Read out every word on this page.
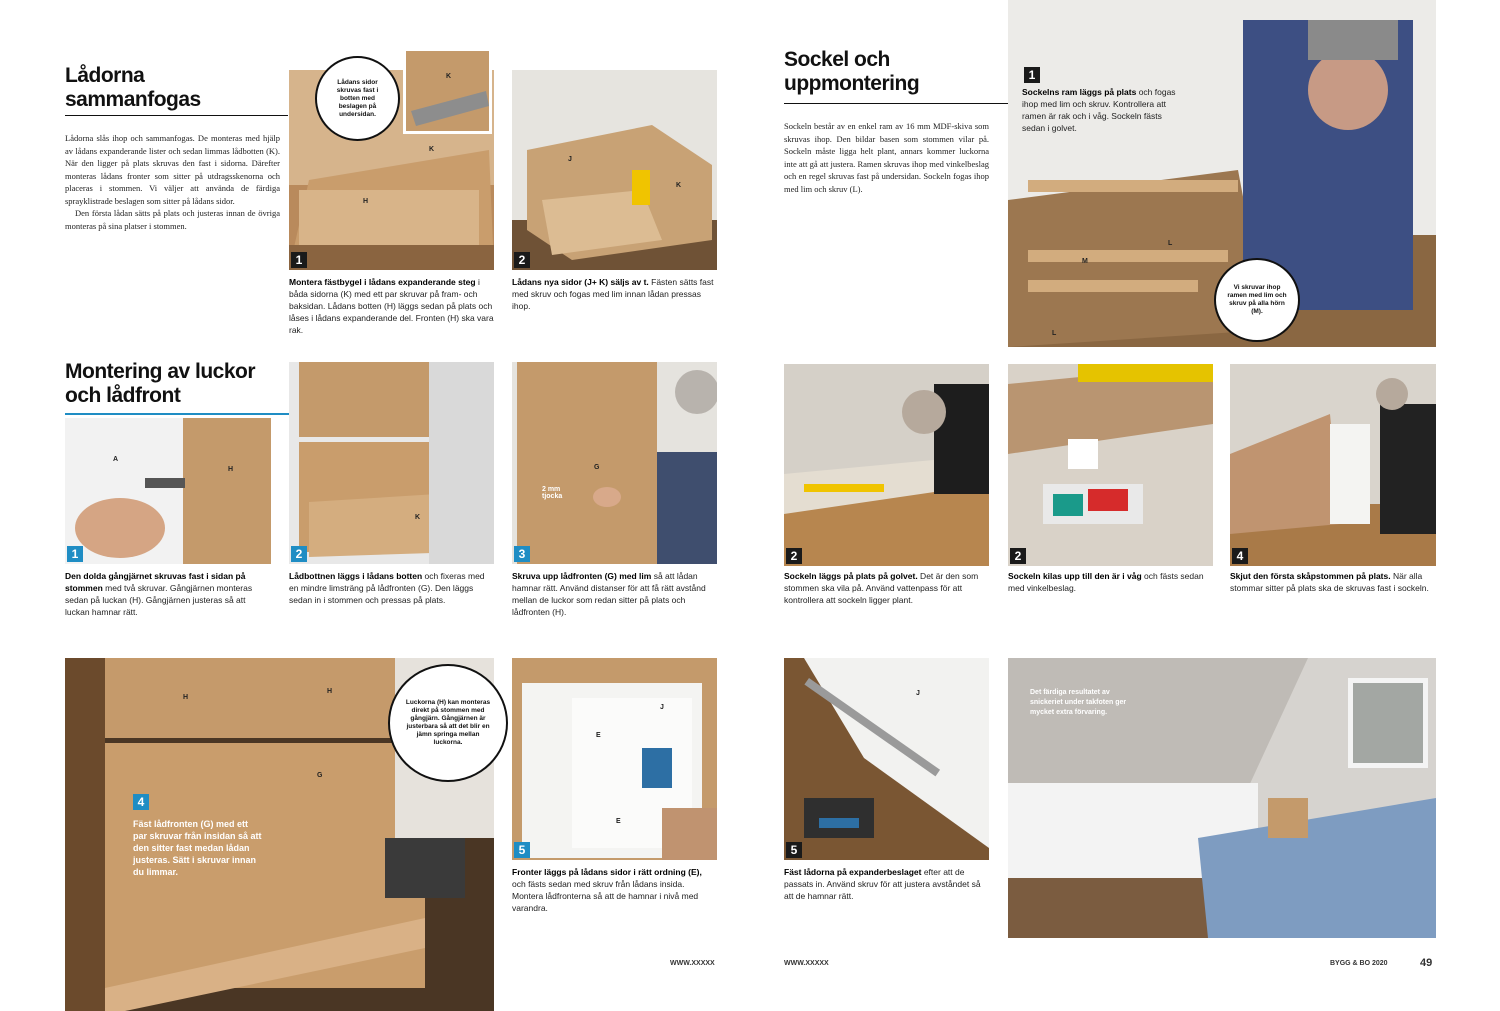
Lådorna sammanfogas

Lådorna slås ihop och sammanfogas. De monteras med hjälp av lådans expanderande lister och sedan limmas lådbotten (K). När den ligger på plats skruvas den fast i sidorna. Därefter monteras lådans fronter som sitter på utdragsskenorna och placeras i stommen. Vi väljer att använda de färdiga sprayklistrade beslagen som sitter på lådans sidor.

Den första lådan sätts på plats och justeras innan de övriga monteras på sina platser i stommen.

H
K
1
K
Lådans sidor skruvas fast i botten med beslagen på undersidan.
J
K
2
Montera fästbygel i lådans expanderande steg i båda sidorna (K) med ett par skruvar på fram- och baksidan. Lådans botten (H) läggs sedan på plats och låses i lådans expanderande del. Fronten (H) ska vara rak.
Lådans nya sidor (J+ K) säljs av t. Fästen sätts fast med skruv och fogas med lim innan lådan pressas ihop.
Montering av luckor och lådfront
A
H
1
K
2
G
2 mm tjocka
3
Den dolda gångjärnet skruvas fast i sidan på stommen med två skruvar. Gångjärnen monteras sedan på luckan (H). Gångjärnen justeras så att luckan hamnar rätt.
Lådbottnen läggs i lådans botten och fixeras med en mindre limsträng på lådfronten (G). Den läggs sedan in i stommen och pressas på plats.
Skruva upp lådfronten (G) med lim så att lådan hamnar rätt. Använd distanser för att få rätt avstånd mellan de luckor som redan sitter på plats och lådfronten (H).
H
H
G
4
Fäst lådfronten (G) med ett par skruvar från insidan så att den sitter fast medan lådan justeras. Sätt i skruvar innan du limmar.
Luckorna (H) kan monteras direkt på stommen med gångjärn. Gångjärnen är justerbara så att det blir en jämn springa mellan luckorna.
E
J
E
5
Fronter läggs på lådans sidor i rätt ordning (E), och fästs sedan med skruv från lådans insida. Montera lådfronterna så att de hamnar i nivå med varandra.
WWW.XXXXX
Sockel och uppmontering
Sockeln består av en enkel ram av 16 mm MDF-skiva som skruvas ihop. Den bildar basen som stommen vilar på. Sockeln måste ligga helt plant, annars kommer luckorna inte att gå att justera. Ramen skruvas ihop med vinkelbeslag och en regel skruvas fast på undersidan. Sockeln fogas ihop med lim och skruv (L).
L
M
L
1
Sockelns ram läggs på plats och fogas ihop med lim och skruv. Kontrollera att ramen är rak och i våg. Sockeln fästs sedan i golvet.
Vi skruvar ihop ramen med lim och skruv på alla hörn (M).
2	2	4
Sockeln läggs på plats på golvet. Det är den som stommen ska vila på. Använd vattenpass för att kontrollera att sockeln ligger plant.
Sockeln kilas upp till den är i våg och fästs sedan med vinkelbeslag.
Skjut den första skåpstommen på plats. När alla stommar sitter på plats ska de skruvas fast i sockeln.
J
5
Fäst lådorna på expanderbeslaget efter att de passats in. Använd skruv för att justera avståndet så att de hamnar rätt.
Det färdiga resultatet av snickeriet under takfoten ger mycket extra förvaring.
WWW.XXXXX	BYGG & BO 2020	49
